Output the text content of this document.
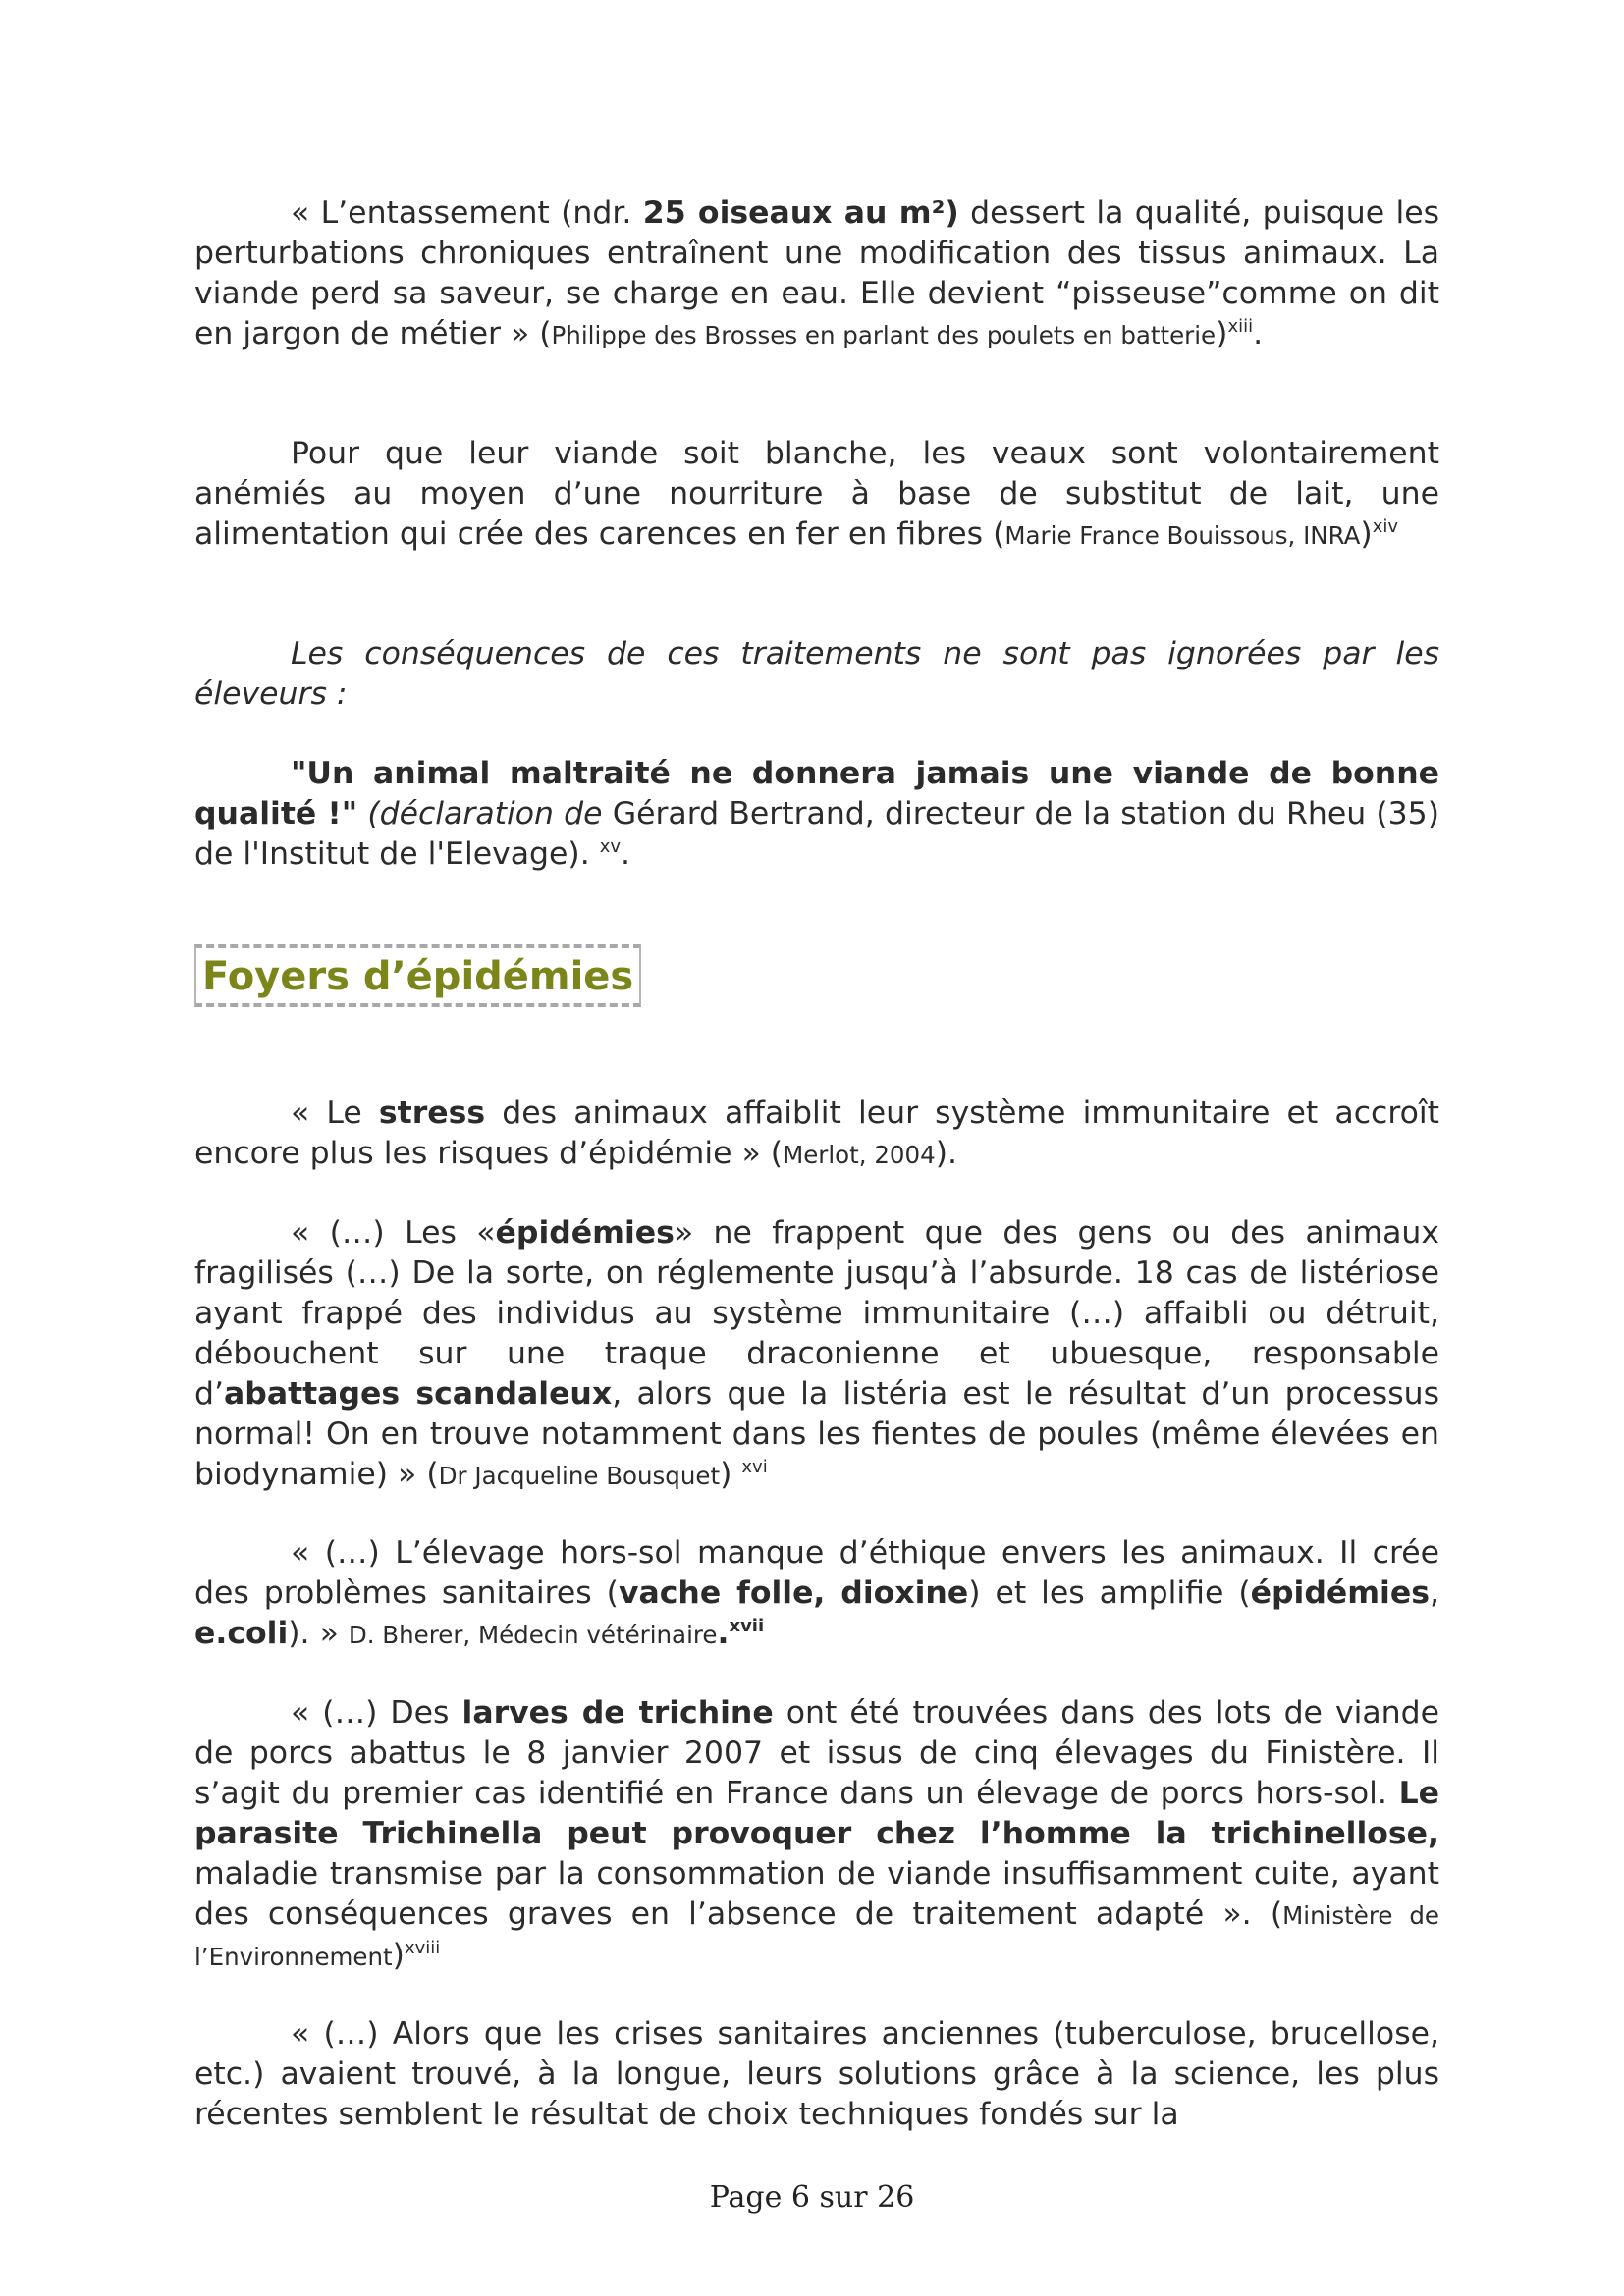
« L’entassement (ndr. 25 oiseaux au m²) dessert la qualité, puisque les perturbations chroniques entraînent une modification des tissus animaux. La viande perd sa saveur, se charge en eau. Elle devient “pisseuse”comme on dit en jargon de métier » (Philippe des Brosses en parlant des poulets en batterie)$^{xiii}$.

Pour que leur viande soit blanche, les veaux sont volontairement anémiés au moyen d’une nourriture à base de substitut de lait, une alimentation qui crée des carences en fer en fibres (Marie France Bouissous, INRA)$^{xiv}$

Les conséquences de ces traitements ne sont pas ignorées par les éleveurs :

"Un animal maltraité ne donnera jamais une viande de bonne qualité !" (déclaration de Gérard Bertrand, directeur de la station du Rheu (35) de l'Institut de l'Elevage). $^{xv}$.

Foyers d’épidémies

« Le stress des animaux affaiblit leur système immunitaire et accroît encore plus les risques d’épidémie » (Merlot, 2004).

« (…) Les «épidémies» ne frappent que des gens ou des animaux fragilisés (…) De la sorte, on réglemente jusqu’à l’absurde. 18 cas de listériose ayant frappé des individus au système immunitaire (…) affaibli ou détruit, débouchent sur une traque draconienne et ubuesque, responsable d’abattages scandaleux, alors que la listéria est le résultat d’un processus normal! On en trouve notamment dans les fientes de poules (même élevées en biodynamie) » (Dr Jacqueline Bousquet) $^{xvi}$

« (…) L’élevage hors-sol manque d’éthique envers les animaux. Il crée des problèmes sanitaires (vache folle, dioxine) et les amplifie (épidémies, e.coli). » D. Bherer, Médecin vétérinaire.$^{xvii}$

« (…) Des larves de trichine ont été trouvées dans des lots de viande de porcs abattus le 8 janvier 2007 et issus de cinq élevages du Finistère. Il s’agit du premier cas identifié en France dans un élevage de porcs hors-sol. Le parasite Trichinella peut provoquer chez l’homme la trichinellose, maladie transmise par la consommation de viande insuffisamment cuite, ayant des conséquences graves en l’absence de traitement adapté ». (Ministère de l’Environnement)$^{xviii}$

« (…) Alors que les crises sanitaires anciennes (tuberculose, brucellose, etc.) avaient trouvé, à la longue, leurs solutions grâce à la science, les plus récentes semblent le résultat de choix techniques fondés sur la

Page 6 sur 26
